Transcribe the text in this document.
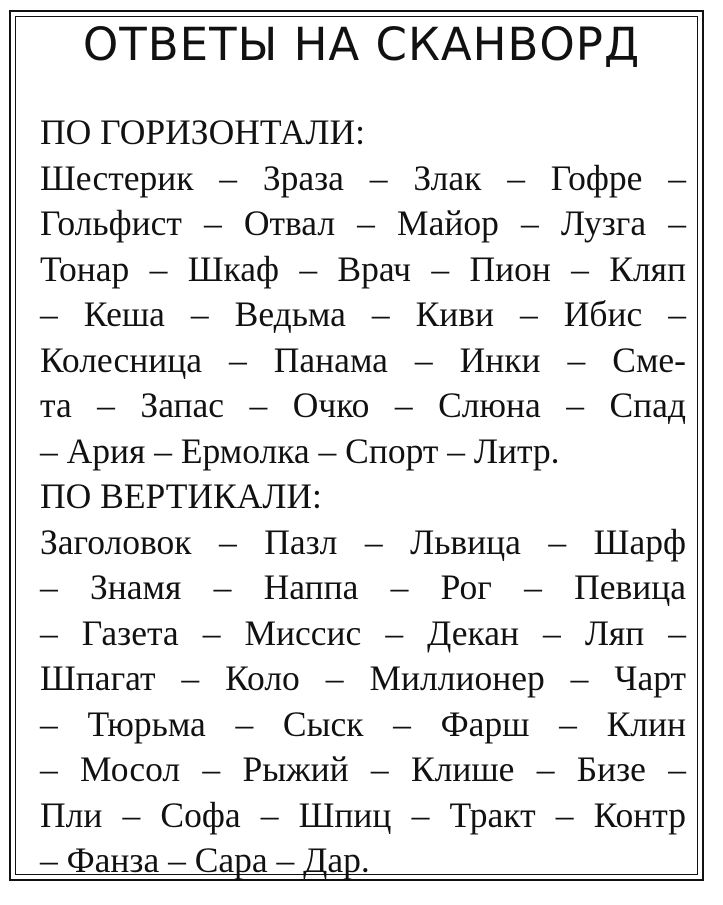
ОТВЕТЫ НА СКАНВОРД
ПО ГОРИЗОНТАЛИ:
Шестерик – Зраза – Злак – Гофре –
Гольфист – Отвал – Майор – Лузга –
Тонар – Шкаф – Врач – Пион – Кляп
– Кеша – Ведьма – Киви – Ибис –
Колесница – Панама – Инки – Сме-
та – Запас – Очко – Слюна – Спад
– Ария – Ермолка – Спорт – Литр.
ПО ВЕРТИКАЛИ:
Заголовок – Пазл – Львица – Шарф
– Знамя – Наппа – Рог – Певица
– Газета – Миссис – Декан – Ляп –
Шпагат – Коло – Миллионер – Чарт
– Тюрьма – Сыск – Фарш – Клин
– Мосол – Рыжий – Клише – Бизе –
Пли – Софа – Шпиц – Тракт – Контр
– Фанза – Сара – Дар.
